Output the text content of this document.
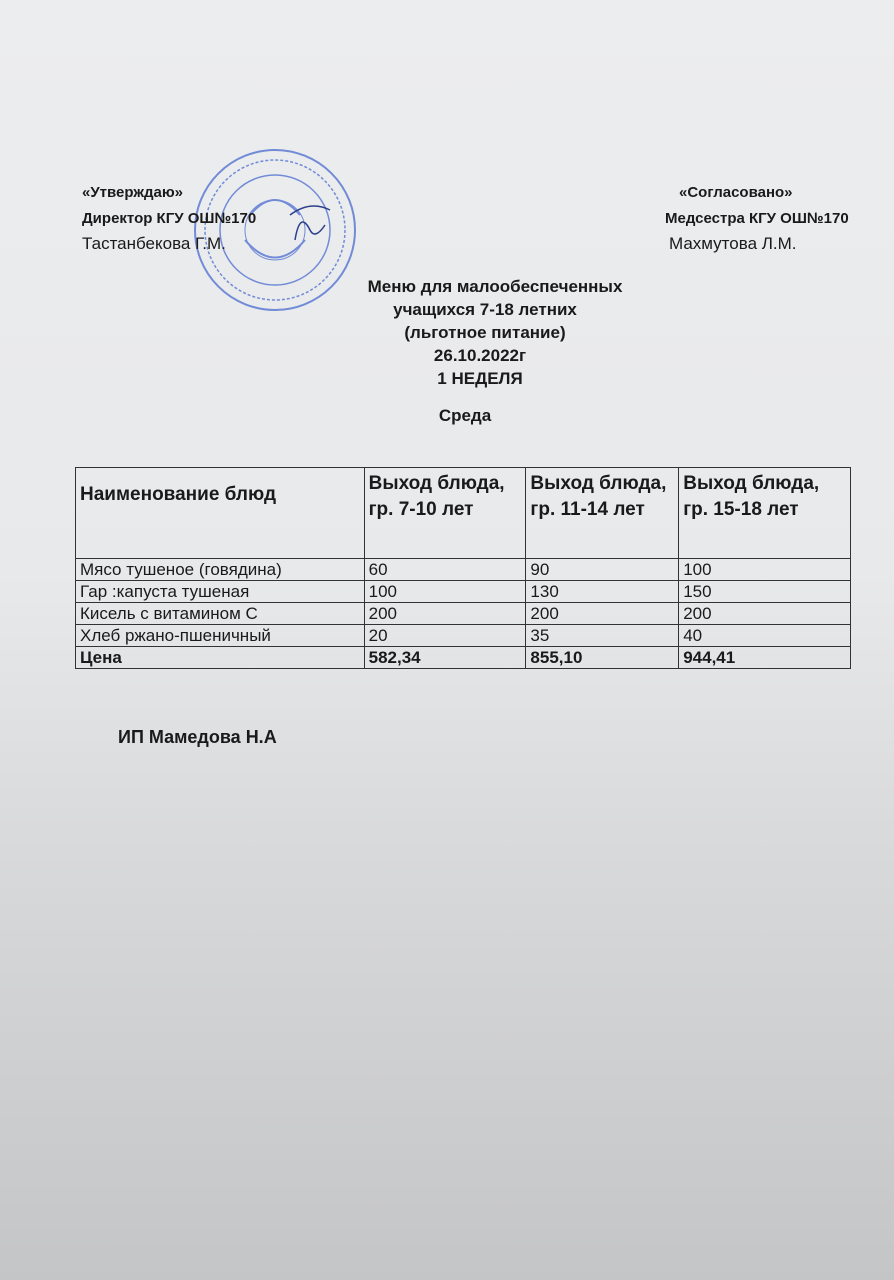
«Утверждаю»
Директор КГУ ОШ№170
Тастанбекова Г.М.
«Согласовано»
Медсестра КГУ ОШ№170
Махмутова Л.М.
Меню для малообеспеченных
учащихся 7-18 летних
(льготное питание)
26.10.2022г
1 НЕДЕЛЯ
Среда
Наименование блюд	Выход блюда, гр. 7-10 лет	Выход блюда, гр. 11-14 лет	Выход блюда, гр. 15-18 лет
Мясо тушеное (говядина)	60	90	100
Гар :капуста тушеная	100	130	150
Кисель с витамином С	200	200	200
Хлеб ржано-пшеничный	20	35	40
Цена	582,34	855,10	944,41
ИП Мамедова Н.А
